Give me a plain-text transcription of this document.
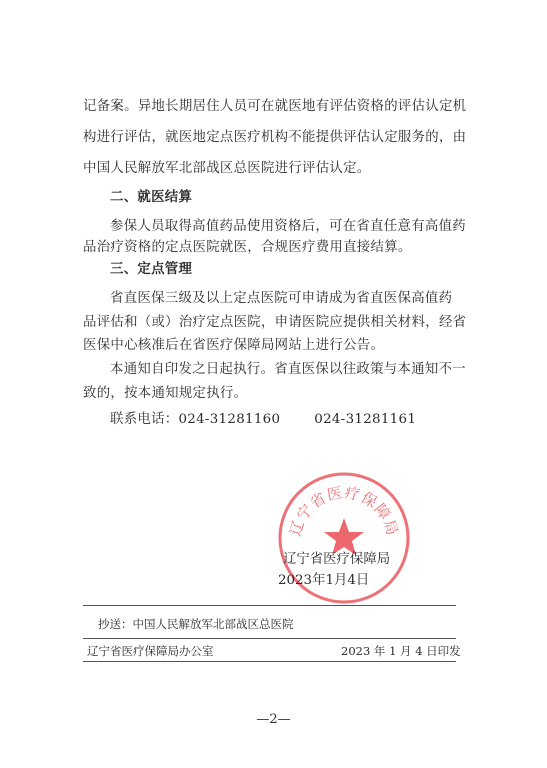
记备案。异地长期居住人员可在就医地有评估资格的评估认定机
构进行评估，就医地定点医疗机构不能提供评估认定服务的，由
中国人民解放军北部战区总医院进行评估认定。
二、就医结算
参保人员取得高值药品使用资格后，可在省直任意有高值药
品治疗资格的定点医院就医，合规医疗费用直接结算。
三、定点管理
省直医保三级及以上定点医院可申请成为省直医保高值药
品评估和（或）治疗定点医院，申请医院应提供相关材料，经省
医保中心核准后在省医疗保障局网站上进行公告。
本通知自印发之日起执行。省直医保以往政策与本通知不一
致的，按本通知规定执行。
联系电话：024-31281160	024-31281161
辽宁省医疗保障局
辽宁省医疗保障局
2023年1月4日
抄送：中国人民解放军北部战区总医院
辽宁省医疗保障局办公室	2023 年 1 月 4 日印发
—2—
